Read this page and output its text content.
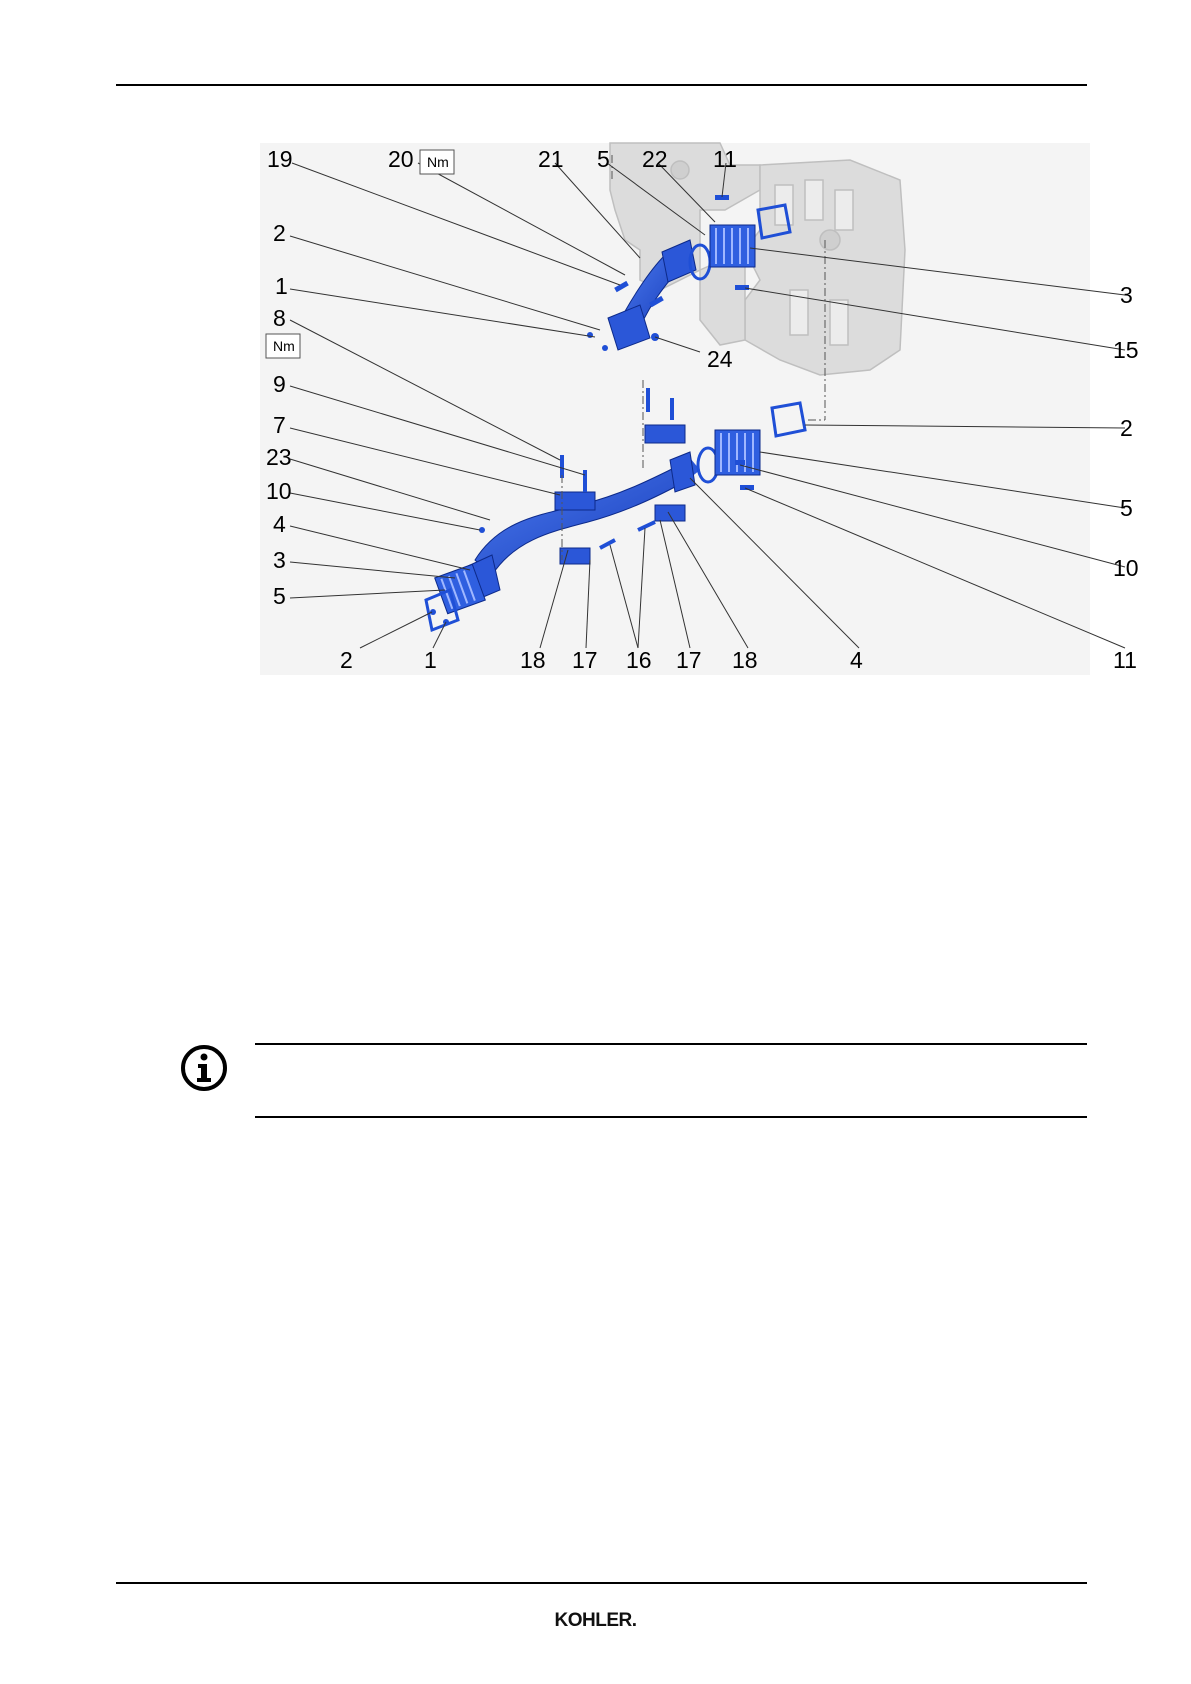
19	20	21 5 22 11
2
1
8
9
7
23
10
4
3
5
2	1	18 17 16 17 18	4	11
10
5
2
3
15
24
Nm
Nm
KOHLER.
